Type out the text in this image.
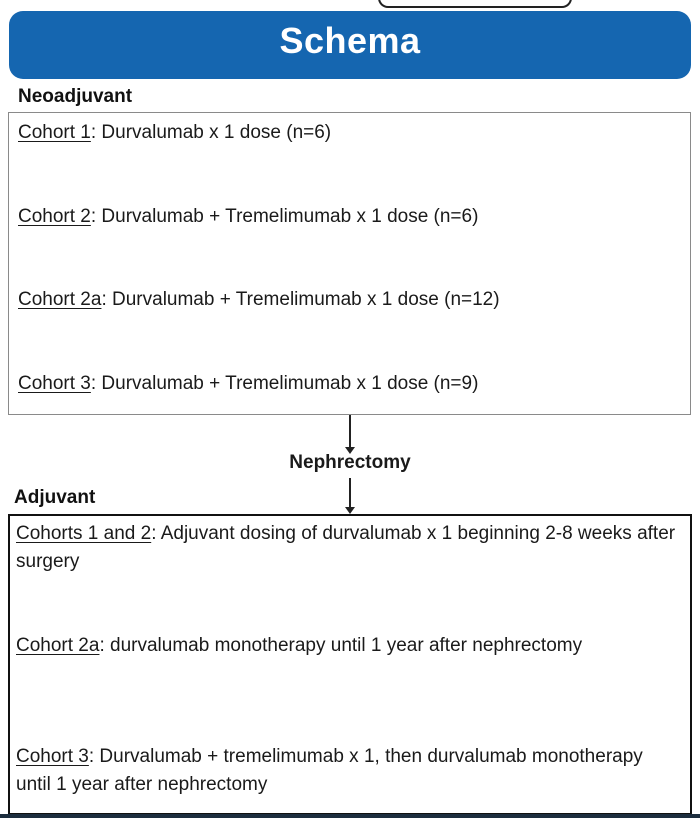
Schema
Neoadjuvant
Cohort 1: Durvalumab x 1 dose (n=6)
Cohort 2: Durvalumab + Tremelimumab x 1 dose (n=6)
Cohort 2a: Durvalumab + Tremelimumab x 1 dose (n=12)
Cohort 3: Durvalumab + Tremelimumab x 1 dose (n=9)
Nephrectomy
Adjuvant
Cohorts 1 and 2: Adjuvant dosing of durvalumab x 1 beginning 2-8 weeks after surgery
Cohort 2a: durvalumab monotherapy until 1 year after nephrectomy
Cohort 3: Durvalumab + tremelimumab x 1, then durvalumab monotherapy until 1 year after nephrectomy
